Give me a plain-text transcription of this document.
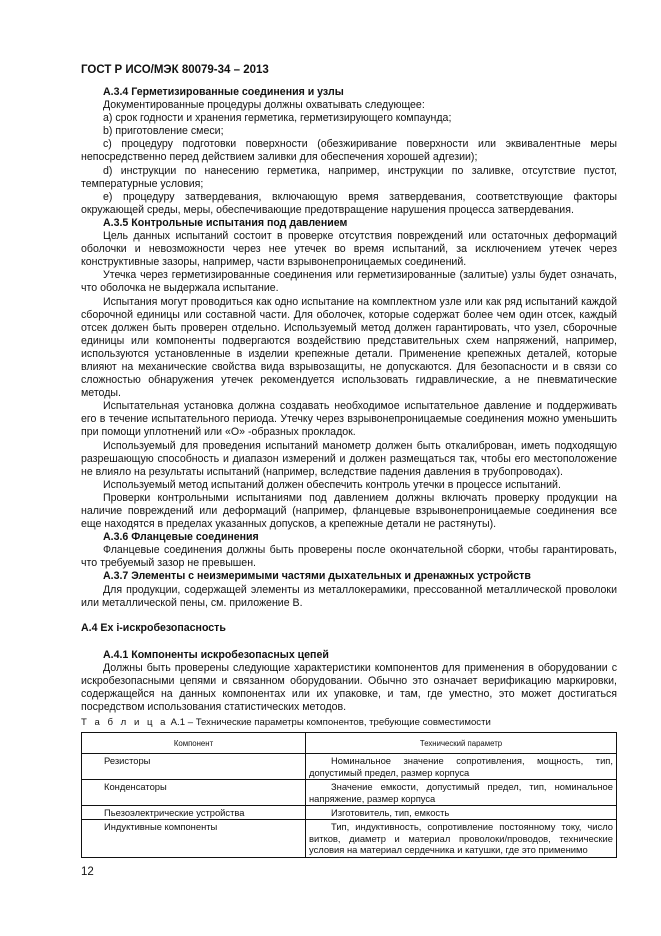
ГОСТ Р ИСО/МЭК 80079-34 – 2013

А.3.4 Герметизированные соединения и узлы

Документированные процедуры должны охватывать следующее:

а) срок годности и хранения герметика, герметизирующего компаунда;

b) приготовление смеси;

с) процедуру подготовки поверхности (обезжиривание поверхности или эквивалентные меры непосредственно перед действием заливки для обеспечения хорошей адгезии);

d) инструкции по нанесению герметика, например, инструкции по заливке, отсутствие пустот, температурные условия;

е) процедуру затвердевания, включающую время затвердевания, соответствующие факторы окружающей среды, меры, обеспечивающие предотвращение нарушения процесса затвердевания.

А.3.5 Контрольные испытания под давлением

Цель данных испытаний состоит в проверке отсутствия повреждений или остаточных деформаций оболочки и невозможности через нее утечек во время испытаний, за исключением утечек через конструктивные зазоры, например, части взрывонепроницаемых соединений.

Утечка через герметизированные соединения или герметизированные (залитые) узлы будет означать, что оболочка не выдержала испытание.

Испытания могут проводиться как одно испытание на комплектном узле или как ряд испытаний каждой сборочной единицы или составной части. Для оболочек, которые содержат более чем один отсек, каждый отсек должен быть проверен отдельно. Используемый метод должен гарантировать, что узел, сборочные единицы или компоненты подвергаются воздействию представительных схем напряжений, например, используются установленные в изделии крепежные детали. Применение крепежных деталей, которые влияют на механические свойства вида взрывозащиты, не допускаются. Для безопасности и в связи со сложностью обнаружения утечек рекомендуется использовать гидравлические, а не пневматические методы.

Испытательная установка должна создавать необходимое испытательное давление и поддерживать его в течение испытательного периода. Утечку через взрывонепроницаемые соединения можно уменьшить при помощи уплотнений или «О» -образных прокладок.

Используемый для проведения испытаний манометр должен быть откалиброван, иметь подходящую разрешающую способность и диапазон измерений и должен размещаться так, чтобы его местоположение не влияло на результаты испытаний (например, вследствие падения давления в трубопроводах).

Используемый метод испытаний должен обеспечить контроль утечки в процессе испытаний.

Проверки контрольными испытаниями под давлением должны включать проверку продукции на наличие повреждений или деформаций (например, фланцевые взрывонепроницаемые соединения все еще находятся в пределах указанных допусков, а крепежные детали не растянуты).

А.3.6 Фланцевые соединения

Фланцевые соединения должны быть проверены после окончательной сборки, чтобы гарантировать, что требуемый зазор не превышен.

А.3.7 Элементы с неизмеримыми частями дыхательных и дренажных устройств

Для продукции, содержащей элементы из металлокерамики, прессованной металлической проволоки или металлической пены, см. приложение В.

А.4 Ex i-искробезопасность

А.4.1 Компоненты искробезопасных цепей

Должны быть проверены следующие характеристики компонентов для применения в оборудовании с искробезопасными цепями и связанном оборудовании. Обычно это означает верификацию маркировки, содержащейся на данных компонентах или их упаковке, и там, где уместно, это может достигаться посредством использования статистических методов.

Т а б л и ц а А.1 – Технические параметры компонентов, требующие совместимости

Компонент	Технический параметр
Резисторы	Номинальное значение сопротивления, мощность, тип, допустимый предел, размер корпуса
Конденсаторы	Значение емкости, допустимый предел, тип, номинальное напряжение, размер корпуса
Пьезоэлектрические устройства	Изготовитель, тип, емкость
Индуктивные компоненты	Тип, индуктивность, сопротивление постоянному току, число витков, диаметр и материал проволоки/проводов, технические условия на материал сердечника и катушки, где это применимо
12
